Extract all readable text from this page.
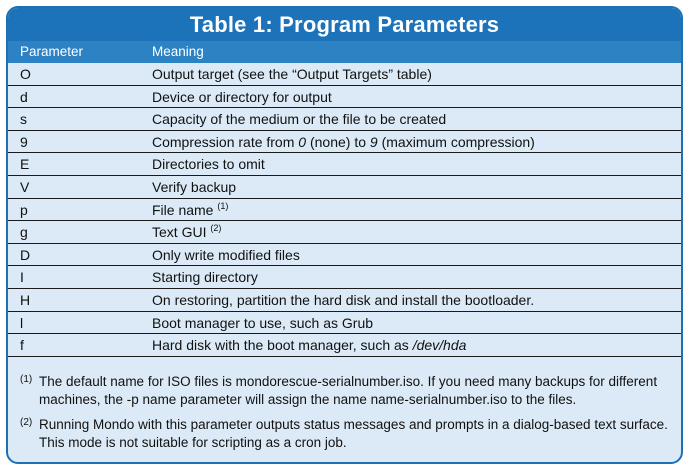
Table 1: Program Parameters
Parameter	Meaning
O	Output target (see the “Output Targets” table)
d	Device or directory for output
s	Capacity of the medium or the file to be created
9	Compression rate from 0 (none) to 9 (maximum compression)
E	Directories to omit
V	Verify backup
p	File name $^{(1)}$
g	Text GUI $^{(2)}$
D	Only write modified files
I	Starting directory
H	On restoring, partition the hard disk and install the bootloader.
l	Boot manager to use, such as Grub
f	Hard disk with the boot manager, such as /dev/hda
(1) The default name for ISO files is mondorescue-serialnumber.iso. If you need many backups for different machines, the -p name parameter will assign the name name-serialnumber.iso to the files.
(2) Running Mondo with this parameter outputs status messages and prompts in a dialog-based text surface. This mode is not suitable for scripting as a cron job.
